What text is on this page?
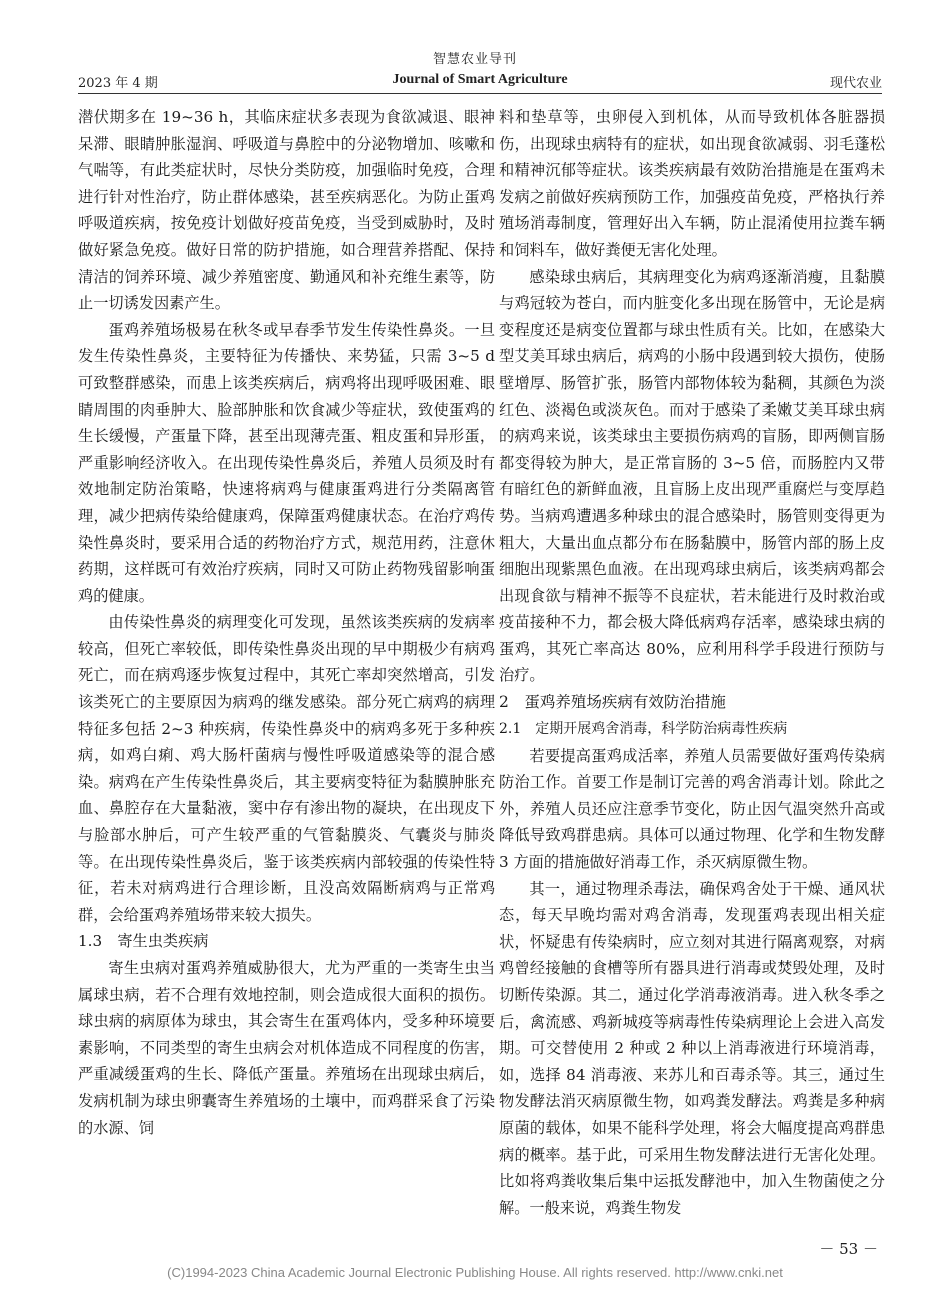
智慧农业导刊
2023 年 4 期	Journal of Smart Agriculture	现代农业

潜伏期多在 19~36 h，其临床症状多表现为食欲减退、眼神呆滞、眼睛肿胀湿润、呼吸道与鼻腔中的分泌物增加、咳嗽和气喘等，有此类症状时，尽快分类防疫，加强临时免疫，合理进行针对性治疗，防止群体感染，甚至疾病恶化。为防止蛋鸡呼吸道疾病，按免疫计划做好疫苗免疫，当受到威胁时，及时做好紧急免疫。做好日常的防护措施，如合理营养搭配、保持清洁的饲养环境、减少养殖密度、勤通风和补充维生素等，防止一切诱发因素产生。

蛋鸡养殖场极易在秋冬或早春季节发生传染性鼻炎。一旦发生传染性鼻炎，主要特征为传播快、来势猛，只需 3~5 d 可致整群感染，而患上该类疾病后，病鸡将出现呼吸困难、眼睛周围的肉垂肿大、脸部肿胀和饮食减少等症状，致使蛋鸡的生长缓慢，产蛋量下降，甚至出现薄壳蛋、粗皮蛋和异形蛋，严重影响经济收入。在出现传染性鼻炎后，养殖人员须及时有效地制定防治策略，快速将病鸡与健康蛋鸡进行分类隔离管理，减少把病传染给健康鸡，保障蛋鸡健康状态。在治疗鸡传染性鼻炎时，要采用合适的药物治疗方式，规范用药，注意休药期，这样既可有效治疗疾病，同时又可防止药物残留影响蛋鸡的健康。

由传染性鼻炎的病理变化可发现，虽然该类疾病的发病率较高，但死亡率较低，即传染性鼻炎出现的早中期极少有病鸡死亡，而在病鸡逐步恢复过程中，其死亡率却突然增高，引发该类死亡的主要原因为病鸡的继发感染。部分死亡病鸡的病理特征多包括 2~3 种疾病，传染性鼻炎中的病鸡多死于多种疾病，如鸡白痢、鸡大肠杆菌病与慢性呼吸道感染等的混合感染。病鸡在产生传染性鼻炎后，其主要病变特征为黏膜肿胀充血、鼻腔存在大量黏液，窦中存有渗出物的凝块，在出现皮下与脸部水肿后，可产生较严重的气管黏膜炎、气囊炎与肺炎等。在出现传染性鼻炎后，鉴于该类疾病内部较强的传染性特征，若未对病鸡进行合理诊断，且没高效隔断病鸡与正常鸡群，会给蛋鸡养殖场带来较大损失。

1.3　寄生虫类疾病

寄生虫病对蛋鸡养殖威胁很大，尤为严重的一类寄生虫当属球虫病，若不合理有效地控制，则会造成很大面积的损伤。球虫病的病原体为球虫，其会寄生在蛋鸡体内，受多种环境要素影响，不同类型的寄生虫病会对机体造成不同程度的伤害，严重减缓蛋鸡的生长、降低产蛋量。养殖场在出现球虫病后，发病机制为球虫卵囊寄生养殖场的土壤中，而鸡群采食了污染的水源、饲

料和垫草等，虫卵侵入到机体，从而导致机体各脏器损伤，出现球虫病特有的症状，如出现食欲减弱、羽毛蓬松和精神沉郁等症状。该类疾病最有效防治措施是在蛋鸡未发病之前做好疾病预防工作，加强疫苗免疫，严格执行养殖场消毒制度，管理好出入车辆，防止混淆使用拉粪车辆和饲料车，做好粪便无害化处理。

感染球虫病后，其病理变化为病鸡逐渐消瘦，且黏膜与鸡冠较为苍白，而内脏变化多出现在肠管中，无论是病变程度还是病变位置都与球虫性质有关。比如，在感染大型艾美耳球虫病后，病鸡的小肠中段遇到较大损伤，使肠壁增厚、肠管扩张，肠管内部物体较为黏稠，其颜色为淡红色、淡褐色或淡灰色。而对于感染了柔嫩艾美耳球虫病的病鸡来说，该类球虫主要损伤病鸡的盲肠，即两侧盲肠都变得较为肿大，是正常盲肠的 3~5 倍，而肠腔内又带有暗红色的新鲜血液，且盲肠上皮出现严重腐烂与变厚趋势。当病鸡遭遇多种球虫的混合感染时，肠管则变得更为粗大，大量出血点都分布在肠黏膜中，肠管内部的肠上皮细胞出现紫黑色血液。在出现鸡球虫病后，该类病鸡都会出现食欲与精神不振等不良症状，若未能进行及时救治或疫苗接种不力，都会极大降低病鸡存活率，感染球虫病的蛋鸡，其死亡率高达 80%，应利用科学手段进行预防与治疗。

2　蛋鸡养殖场疾病有效防治措施
2.1　定期开展鸡舍消毒，科学防治病毒性疾病

若要提高蛋鸡成活率，养殖人员需要做好蛋鸡传染病防治工作。首要工作是制订完善的鸡舍消毒计划。除此之外，养殖人员还应注意季节变化，防止因气温突然升高或降低导致鸡群患病。具体可以通过物理、化学和生物发酵 3 方面的措施做好消毒工作，杀灭病原微生物。

其一，通过物理杀毒法，确保鸡舍处于干燥、通风状态，每天早晚均需对鸡舍消毒，发现蛋鸡表现出相关症状，怀疑患有传染病时，应立刻对其进行隔离观察，对病鸡曾经接触的食槽等所有器具进行消毒或焚毁处理，及时切断传染源。其二，通过化学消毒液消毒。进入秋冬季之后，禽流感、鸡新城疫等病毒性传染病理论上会进入高发期。可交替使用 2 种或 2 种以上消毒液进行环境消毒，如，选择 84 消毒液、来苏儿和百毒杀等。其三，通过生物发酵法消灭病原微生物，如鸡粪发酵法。鸡粪是多种病原菌的载体，如果不能科学处理，将会大幅度提高鸡群患病的概率。基于此，可采用生物发酵法进行无害化处理。比如将鸡粪收集后集中运抵发酵池中，加入生物菌使之分解。一般来说，鸡粪生物发

－ 53 －
(C)1994-2023 China Academic Journal Electronic Publishing House. All rights reserved. http://www.cnki.net
